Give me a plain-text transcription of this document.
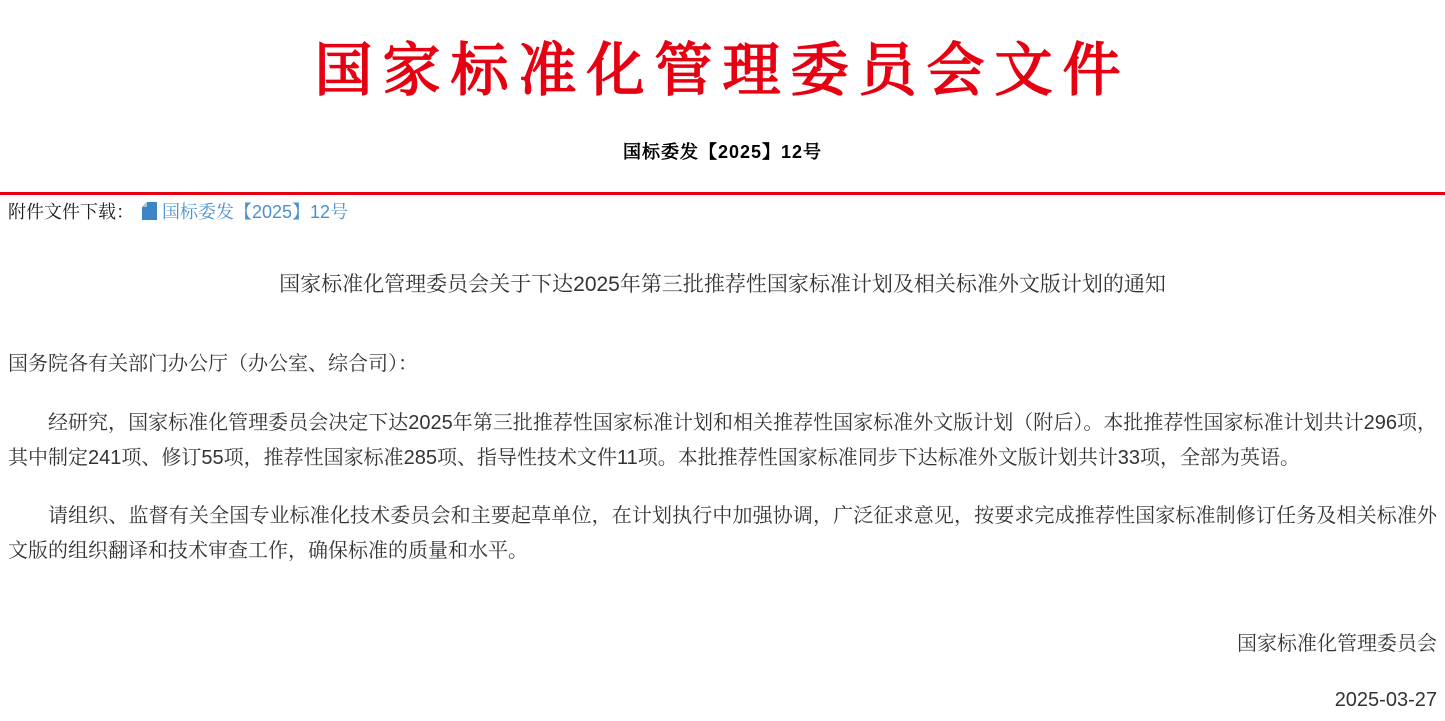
国家标准化管理委员会文件
国标委发【2025】12号
附件文件下载： 国标委发【2025】12号
国家标准化管理委员会关于下达2025年第三批推荐性国家标准计划及相关标准外文版计划的通知
国务院各有关部门办公厅（办公室、综合司）：

经研究，国家标准化管理委员会决定下达2025年第三批推荐性国家标准计划和相关推荐性国家标准外文版计划（附后）。本批推荐性国家标准计划共计296项，其中制定241项、修订55项，推荐性国家标准285项、指导性技术文件11项。本批推荐性国家标准同步下达标准外文版计划共计33项，全部为英语。

请组织、监督有关全国专业标准化技术委员会和主要起草单位，在计划执行中加强协调，广泛征求意见，按要求完成推荐性国家标准制修订任务及相关标准外文版的组织翻译和技术审查工作，确保标准的质量和水平。

国家标准化管理委员会
2025-03-27
